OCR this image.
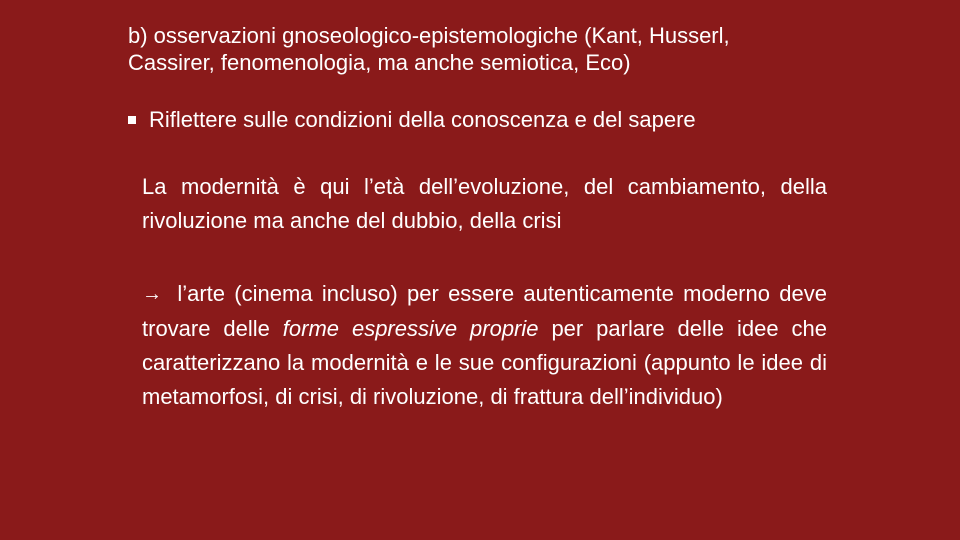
b) osservazioni gnoseologico-epistemologiche (Kant, Husserl,
Cassirer, fenomenologia, ma anche semiotica, Eco)
Riflettere sulle condizioni della conoscenza e del sapere

La modernità è qui l’età dell’evoluzione, del cambiamento, della rivoluzione ma anche del dubbio, della crisi

→ l’arte (cinema incluso) per essere autenticamente moderno deve trovare delle forme espressive proprie per parlare delle idee che caratterizzano la modernità e le sue configurazioni (appunto le idee di metamorfosi, di crisi, di rivoluzione, di frattura dell’individuo)
